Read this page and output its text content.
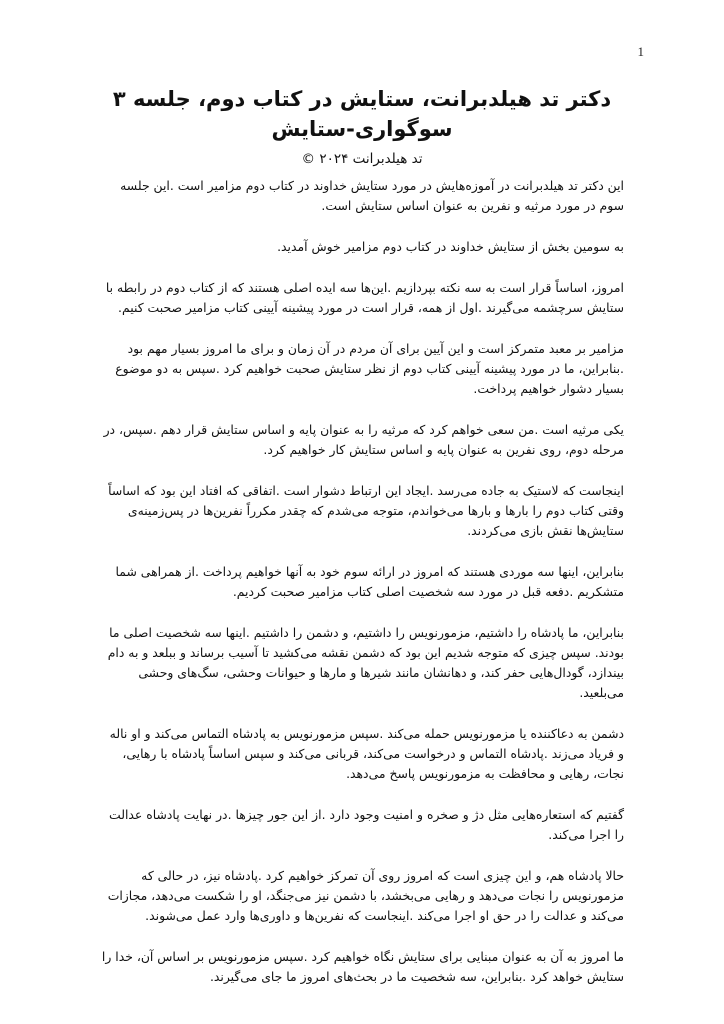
1
دکتر تد هیلدبرانت، ستایش در کتاب دوم، جلسه ۳
سوگواری-ستایش
تد هیلدبرانت ۲۰۲۴ ©

این دکتر تد هیلدبرانت در آموزه‌هایش در مورد ستایش خداوند در کتاب دوم مزامیر است .این جلسه سوم در مورد مرثیه و نفرین به عنوان اساس ستایش است.

به سومین بخش از ستایش خداوند در کتاب دوم مزامیر خوش آمدید.

امروز، اساساً قرار است به سه نکته بپردازیم .این‌ها سه ایده اصلی هستند که از کتاب دوم در رابطه با ستایش سرچشمه می‌گیرند .اول از همه، قرار است در مورد پیشینه آیینی کتاب مزامیر صحبت کنیم.

مزامیر بر معبد متمرکز است و این آیین برای آن مردم در آن زمان و برای ما امروز بسیار مهم بود .بنابراین، ما در مورد پیشینه آیینی کتاب دوم از نظر ستایش صحبت خواهیم کرد .سپس به دو موضوع بسیار دشوار خواهیم پرداخت.

یکی مرثیه است .من سعی خواهم کرد که مرثیه را به عنوان پایه و اساس ستایش قرار دهم .سپس، در مرحله دوم، روی نفرین به عنوان پایه و اساس ستایش کار خواهیم کرد.

اینجاست که لاستیک به جاده می‌رسد .ایجاد این ارتباط دشوار است .اتفاقی که افتاد این بود که اساساً وقتی کتاب دوم را بارها و بارها می‌خواندم، متوجه می‌شدم که چقدر مکرراً نفرین‌ها در پس‌زمینه‌ی ستایش‌ها نقش بازی می‌کردند.

بنابراین، اینها سه موردی هستند که امروز در ارائه سوم خود به آنها خواهیم پرداخت .از همراهی شما متشکریم .دفعه قبل در مورد سه شخصیت اصلی کتاب مزامیر صحبت کردیم.

بنابراین، ما پادشاه را داشتیم، مزمورنویس را داشتیم، و دشمن را داشتیم .اینها سه شخصیت اصلی ما بودند. سپس چیزی که متوجه شدیم این بود که دشمن نقشه می‌کشید تا آسیب برساند و ببلعد و به دام بیندازد، گودال‌هایی حفر کند، و دهانشان مانند شیرها و مارها و حیوانات وحشی، سگ‌های وحشی می‌بلعید.

دشمن به دعاکننده یا مزمورنویس حمله می‌کند .سپس مزمورنویس به پادشاه التماس می‌کند و او ناله و فریاد می‌زند .پادشاه التماس و درخواست می‌کند، قربانی می‌کند و سپس اساساً پادشاه با رهایی، نجات، رهایی و محافظت به مزمورنویس پاسخ می‌دهد.

گفتیم که استعاره‌هایی مثل دژ و صخره و امنیت وجود دارد .از این جور چیزها .در نهایت پادشاه عدالت را اجرا می‌کند.

حالا پادشاه هم، و این چیزی است که امروز روی آن تمرکز خواهیم کرد .پادشاه نیز، در حالی که مزمورنویس را نجات می‌دهد و رهایی می‌بخشد، با دشمن نیز می‌جنگد، او را شکست می‌دهد، مجازات می‌کند و عدالت را در حق او اجرا می‌کند .اینجاست که نفرین‌ها و داوری‌ها وارد عمل می‌شوند.

ما امروز به آن به عنوان مبنایی برای ستایش نگاه خواهیم کرد .سپس مزمورنویس بر اساس آن، خدا را ستایش خواهد کرد .بنابراین، سه شخصیت ما در بحث‌های امروز ما جای می‌گیرند.
